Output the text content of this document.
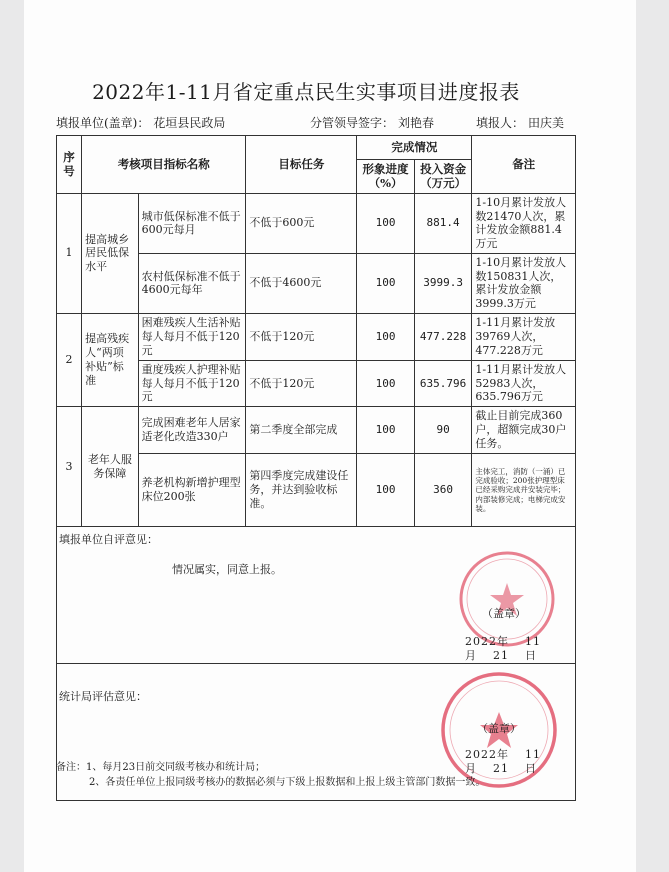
2022年1-11月省定重点民生实事项目进度报表
填报单位(盖章)： 花垣县民政局	分管领导签字： 刘艳春	填报人： 田庆美
序号	考核项目指标名称		目标任务	完成情况		备注
				形象进度（%）	投入资金（万元）	
1	提高城乡居民低保水平	城市低保标准不低于600元每月	不低于600元	100	881.4	1-10月累计发放人数21470人次，累计发放金额881.4万元
		农村低保标准不低于4600元每年	不低于4600元	100	3999.3	1-10月累计发放人数150831人次，累计发放金额3999.3万元
2	提高残疾人“两项补贴”标准	困难残疾人生活补贴每人每月不低于120元	不低于120元	100	477.228	1-11月累计发放39769人次，477.228万元
		重度残疾人护理补贴每人每月不低于120元	不低于120元	100	635.796	1-11月累计发放人52983人次，635.796万元
3	老年人服务保障	完成困难老年人居家适老化改造330户	第二季度全部完成	100	90	截止目前完成360户，超额完成30户任务。
		养老机构新增护理型床位200张	第四季度完成建设任务，并达到验收标准。	100	360	主体完工，消防（一涌）已完成验收；200张护理型床已经采购完成并安装完毕；内部装修完成；电梯完成安装。

填报单位自评意见：
情况属实，同意上报。
（盖章）
2022年 11月 21 日						

统计局评估意见：
（盖章）
2022年 11月 21 日						
备注：1、每月23日前交同级考核办和统计局；
2、各责任单位上报同级考核办的数据必须与下级上报数据和上报上级主管部门数据一致。
